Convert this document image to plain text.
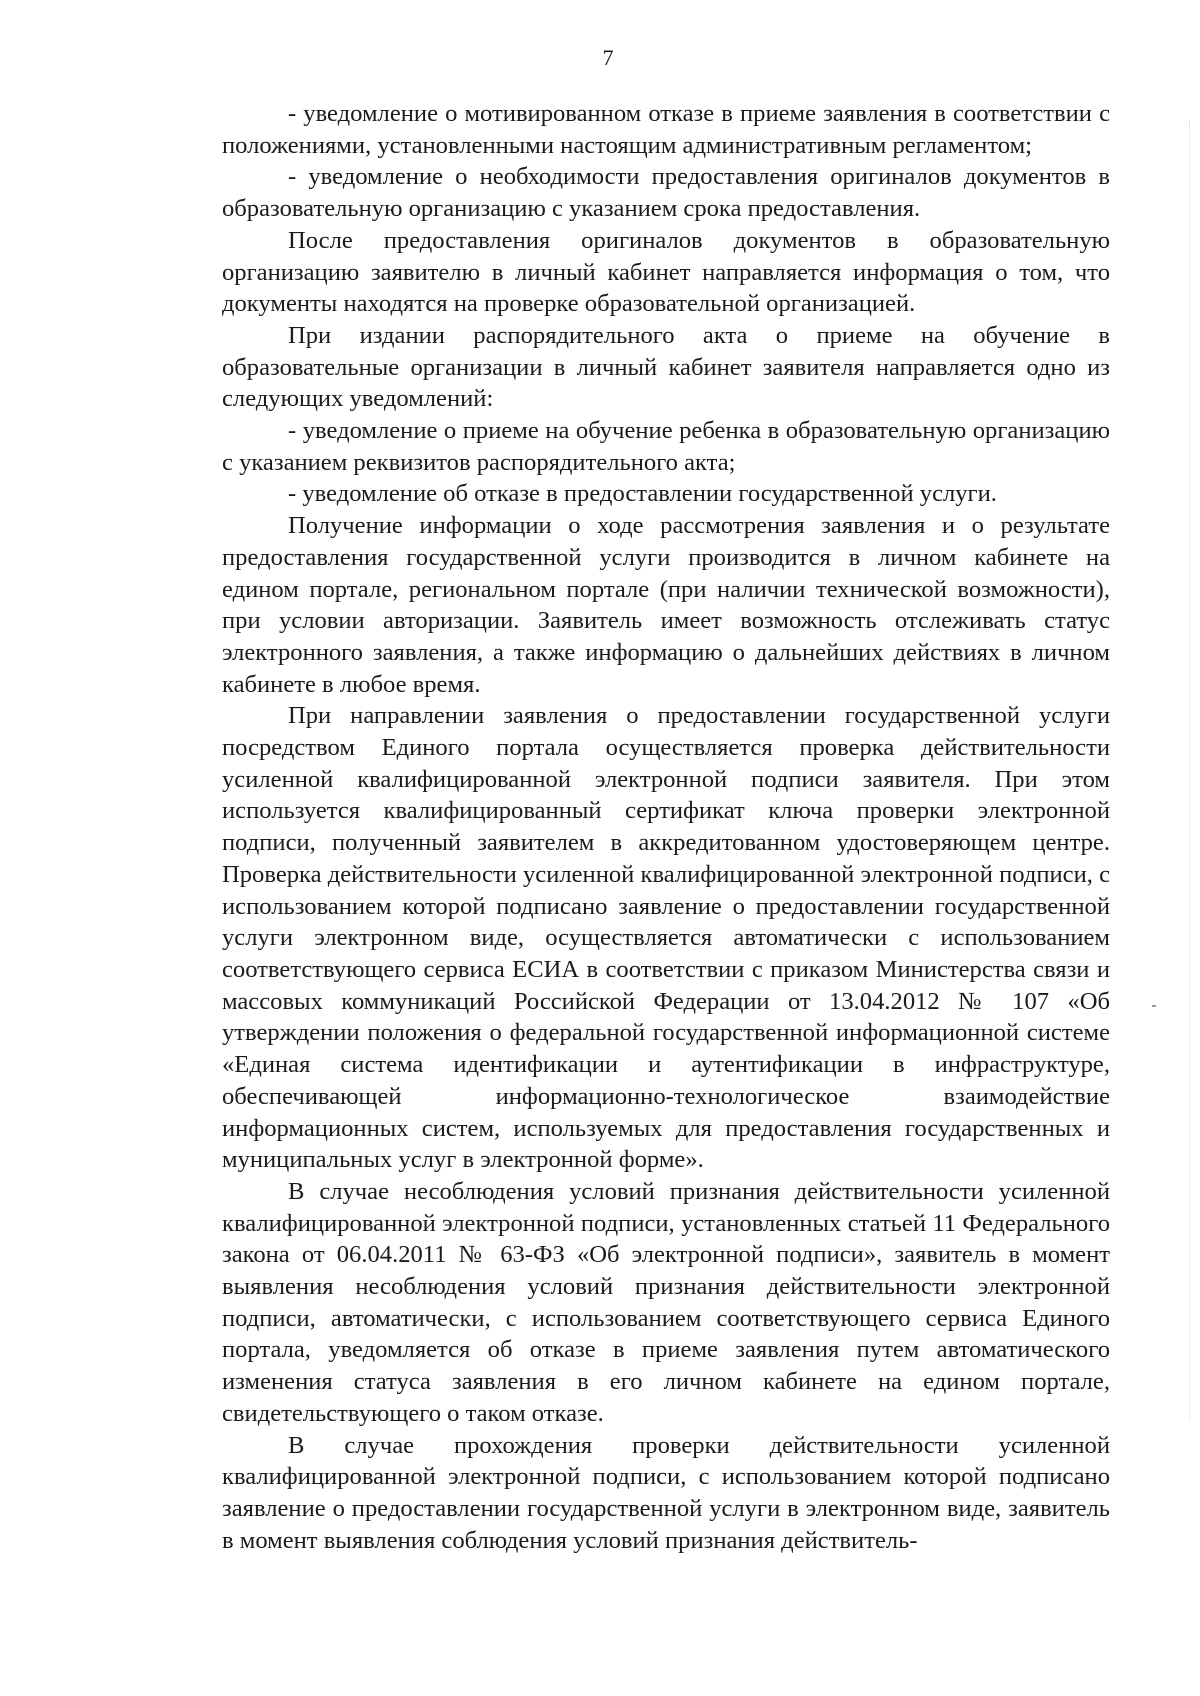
7

- уведомление о мотивированном отказе в приеме заявления в соответствии с положениями, установленными настоящим административным регламентом;

- уведомление о необходимости предоставления оригиналов документов в образовательную организацию с указанием срока предоставления.

После предоставления оригиналов документов в образовательную организацию заявителю в личный кабинет направляется информация о том, что документы находятся на проверке образовательной организацией.

При издании распорядительного акта о приеме на обучение в образовательные организации в личный кабинет заявителя направляется одно из следующих уведомлений:

- уведомление о приеме на обучение ребенка в образовательную организацию с указанием реквизитов распорядительного акта;

- уведомление об отказе в предоставлении государственной услуги.

Получение информации о ходе рассмотрения заявления и о результате предоставления государственной услуги производится в личном кабинете на едином портале, региональном портале (при наличии технической возможности), при условии авторизации. Заявитель имеет возможность отслеживать статус электронного заявления, а также информацию о дальнейших действиях в личном кабинете в любое время.

При направлении заявления о предоставлении государственной услуги посредством Единого портала осуществляется проверка действительности усиленной квалифицированной электронной подписи заявителя. При этом используется квалифицированный сертификат ключа проверки электронной подписи, полученный заявителем в аккредитованном удостоверяющем центре. Проверка действительности усиленной квалифицированной электронной подписи, с использованием которой подписано заявление о предоставлении государственной услуги электронном виде, осуществляется автоматически с использованием соответствующего сервиса ЕСИА в соответствии с приказом Министерства связи и массовых коммуникаций Российской Федерации от 13.04.2012 № 107 «Об утверждении положения о федеральной государственной информационной системе «Единая система идентификации и аутентификации в инфраструктуре, обеспечивающей информационно-технологическое взаимодействие информационных систем, используемых для предоставления государственных и муниципальных услуг в электронной форме».

В случае несоблюдения условий признания действительности усиленной квалифицированной электронной подписи, установленных статьей 11 Федерального закона от 06.04.2011 № 63-ФЗ «Об электронной подписи», заявитель в момент выявления несоблюдения условий признания действительности электронной подписи, автоматически, с использованием соответствующего сервиса Единого портала, уведомляется об отказе в приеме заявления путем автоматического изменения статуса заявления в его личном кабинете на едином портале, свидетельствующего о таком отказе.

В случае прохождения проверки действительности усиленной квалифицированной электронной подписи, с использованием которой подписано заявление о предоставлении государственной услуги в электронном виде, заявитель в момент выявления соблюдения условий признания действитель-
